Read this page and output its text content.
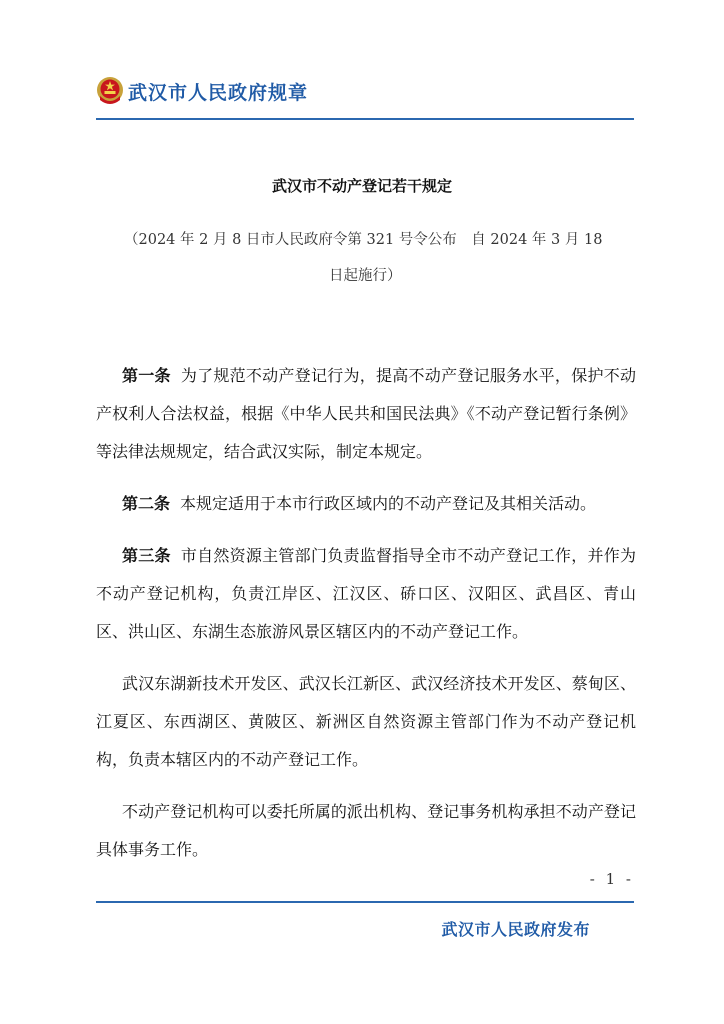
武汉市人民政府规章
武汉市不动产登记若干规定
（2024 年 2 月 8 日市人民政府令第 321 号令公布　自 2024 年 3 月 18
日起施行）

第一条 为了规范不动产登记行为，提高不动产登记服务水平，保护不动产权利人合法权益，根据《中华人民共和国民法典》《不动产登记暂行条例》等法律法规规定，结合武汉实际，制定本规定。

第二条 本规定适用于本市行政区域内的不动产登记及其相关活动。

第三条 市自然资源主管部门负责监督指导全市不动产登记工作，并作为不动产登记机构，负责江岸区、江汉区、硚口区、汉阳区、武昌区、青山区、洪山区、东湖生态旅游风景区辖区内的不动产登记工作。

武汉东湖新技术开发区、武汉长江新区、武汉经济技术开发区、蔡甸区、江夏区、东西湖区、黄陂区、新洲区自然资源主管部门作为不动产登记机构，负责本辖区内的不动产登记工作。

不动产登记机构可以委托所属的派出机构、登记事务机构承担不动产登记具体事务工作。

- 1 -
武汉市人民政府发布
